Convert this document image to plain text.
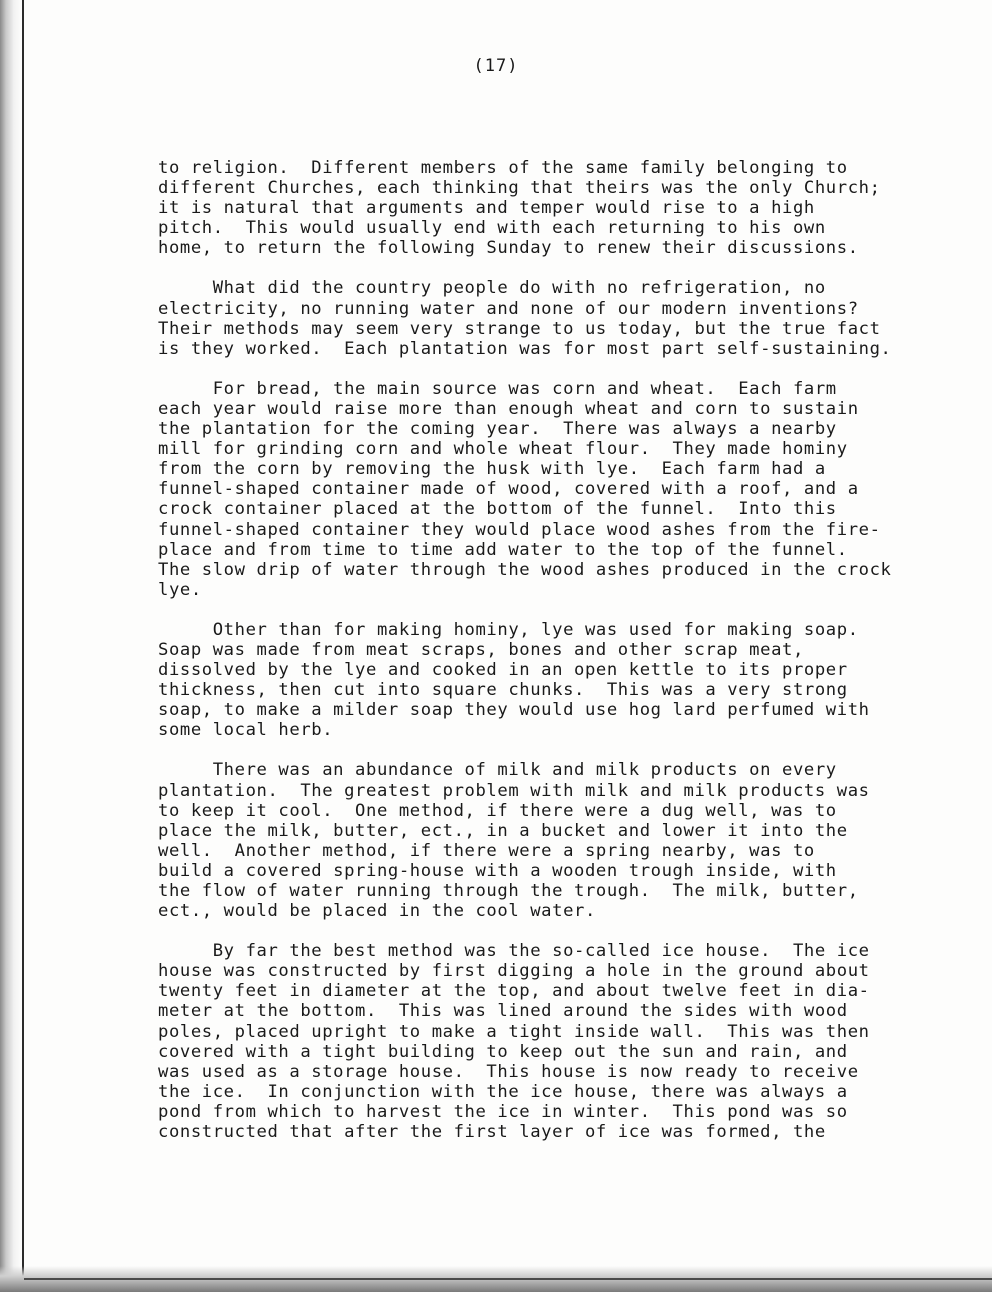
(17)
to religion.  Different members of the same family belonging to
different Churches, each thinking that theirs was the only Church;
it is natural that arguments and temper would rise to a high
pitch.  This would usually end with each returning to his own
home, to return the following Sunday to renew their discussions.
What did the country people do with no refrigeration, no
electricity, no running water and none of our modern inventions?
Their methods may seem very strange to us today, but the true fact
is they worked.  Each plantation was for most part self-sustaining.
For bread, the main source was corn and wheat.  Each farm
each year would raise more than enough wheat and corn to sustain
the plantation for the coming year.  There was always a nearby
mill for grinding corn and whole wheat flour.  They made hominy
from the corn by removing the husk with lye.  Each farm had a
funnel-shaped container made of wood, covered with a roof, and a
crock container placed at the bottom of the funnel.  Into this
funnel-shaped container they would place wood ashes from the fire-
place and from time to time add water to the top of the funnel.
The slow drip of water through the wood ashes produced in the crock
lye.
Other than for making hominy, lye was used for making soap.
Soap was made from meat scraps, bones and other scrap meat,
dissolved by the lye and cooked in an open kettle to its proper
thickness, then cut into square chunks.  This was a very strong
soap, to make a milder soap they would use hog lard perfumed with
some local herb.
There was an abundance of milk and milk products on every
plantation.  The greatest problem with milk and milk products was
to keep it cool.  One method, if there were a dug well, was to
place the milk, butter, ect., in a bucket and lower it into the
well.  Another method, if there were a spring nearby, was to
build a covered spring-house with a wooden trough inside, with
the flow of water running through the trough.  The milk, butter,
ect., would be placed in the cool water.
By far the best method was the so-called ice house.  The ice
house was constructed by first digging a hole in the ground about
twenty feet in diameter at the top, and about twelve feet in dia-
meter at the bottom.  This was lined around the sides with wood
poles, placed upright to make a tight inside wall.  This was then
covered with a tight building to keep out the sun and rain, and
was used as a storage house.  This house is now ready to receive
the ice.  In conjunction with the ice house, there was always a
pond from which to harvest the ice in winter.  This pond was so
constructed that after the first layer of ice was formed, the
